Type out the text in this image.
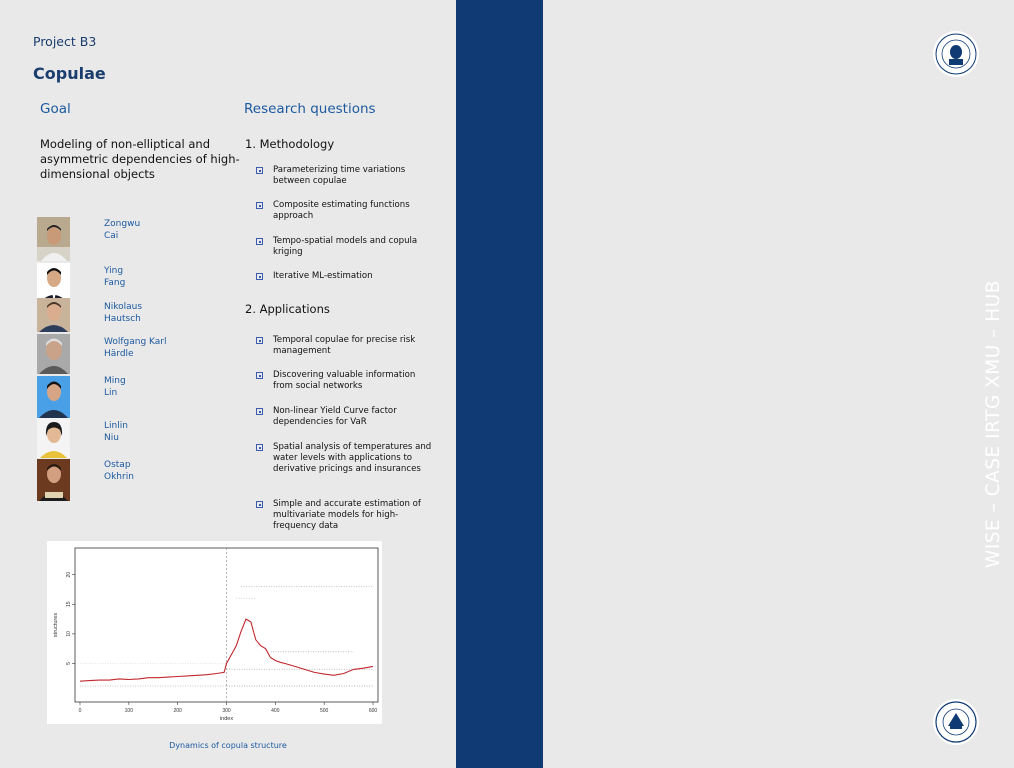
Project B3
Copulae
Goal
Modeling of non-elliptical and asymmetric dependencies of high-dimensional objects
Research questions
1. Methodology
Parameterizing time variations between copulae
Composite estimating functions approach
Tempo-spatial models and copula kriging
Iterative ML-estimation
2. Applications
Temporal copulae for precise risk management
Discovering valuable information from social networks
Non-linear Yield Curve factor dependencies for VaR
Spatial analysis of temperatures and water levels with applications to derivative pricings and insurances
Simple and accurate estimation of multivariate models for high-frequency data
Zongwu
Cai
Ying
Fang
Nikolaus
Hautsch
Wolfgang Karl
Härdle
Ming
Lin
Linlin
Niu
Ostap
Okhrin
0	100	200	300	400	500	600
5
10
15
20
index
structures
Dynamics of copula structure
WISE – CASE IRTG XMU – HUB
